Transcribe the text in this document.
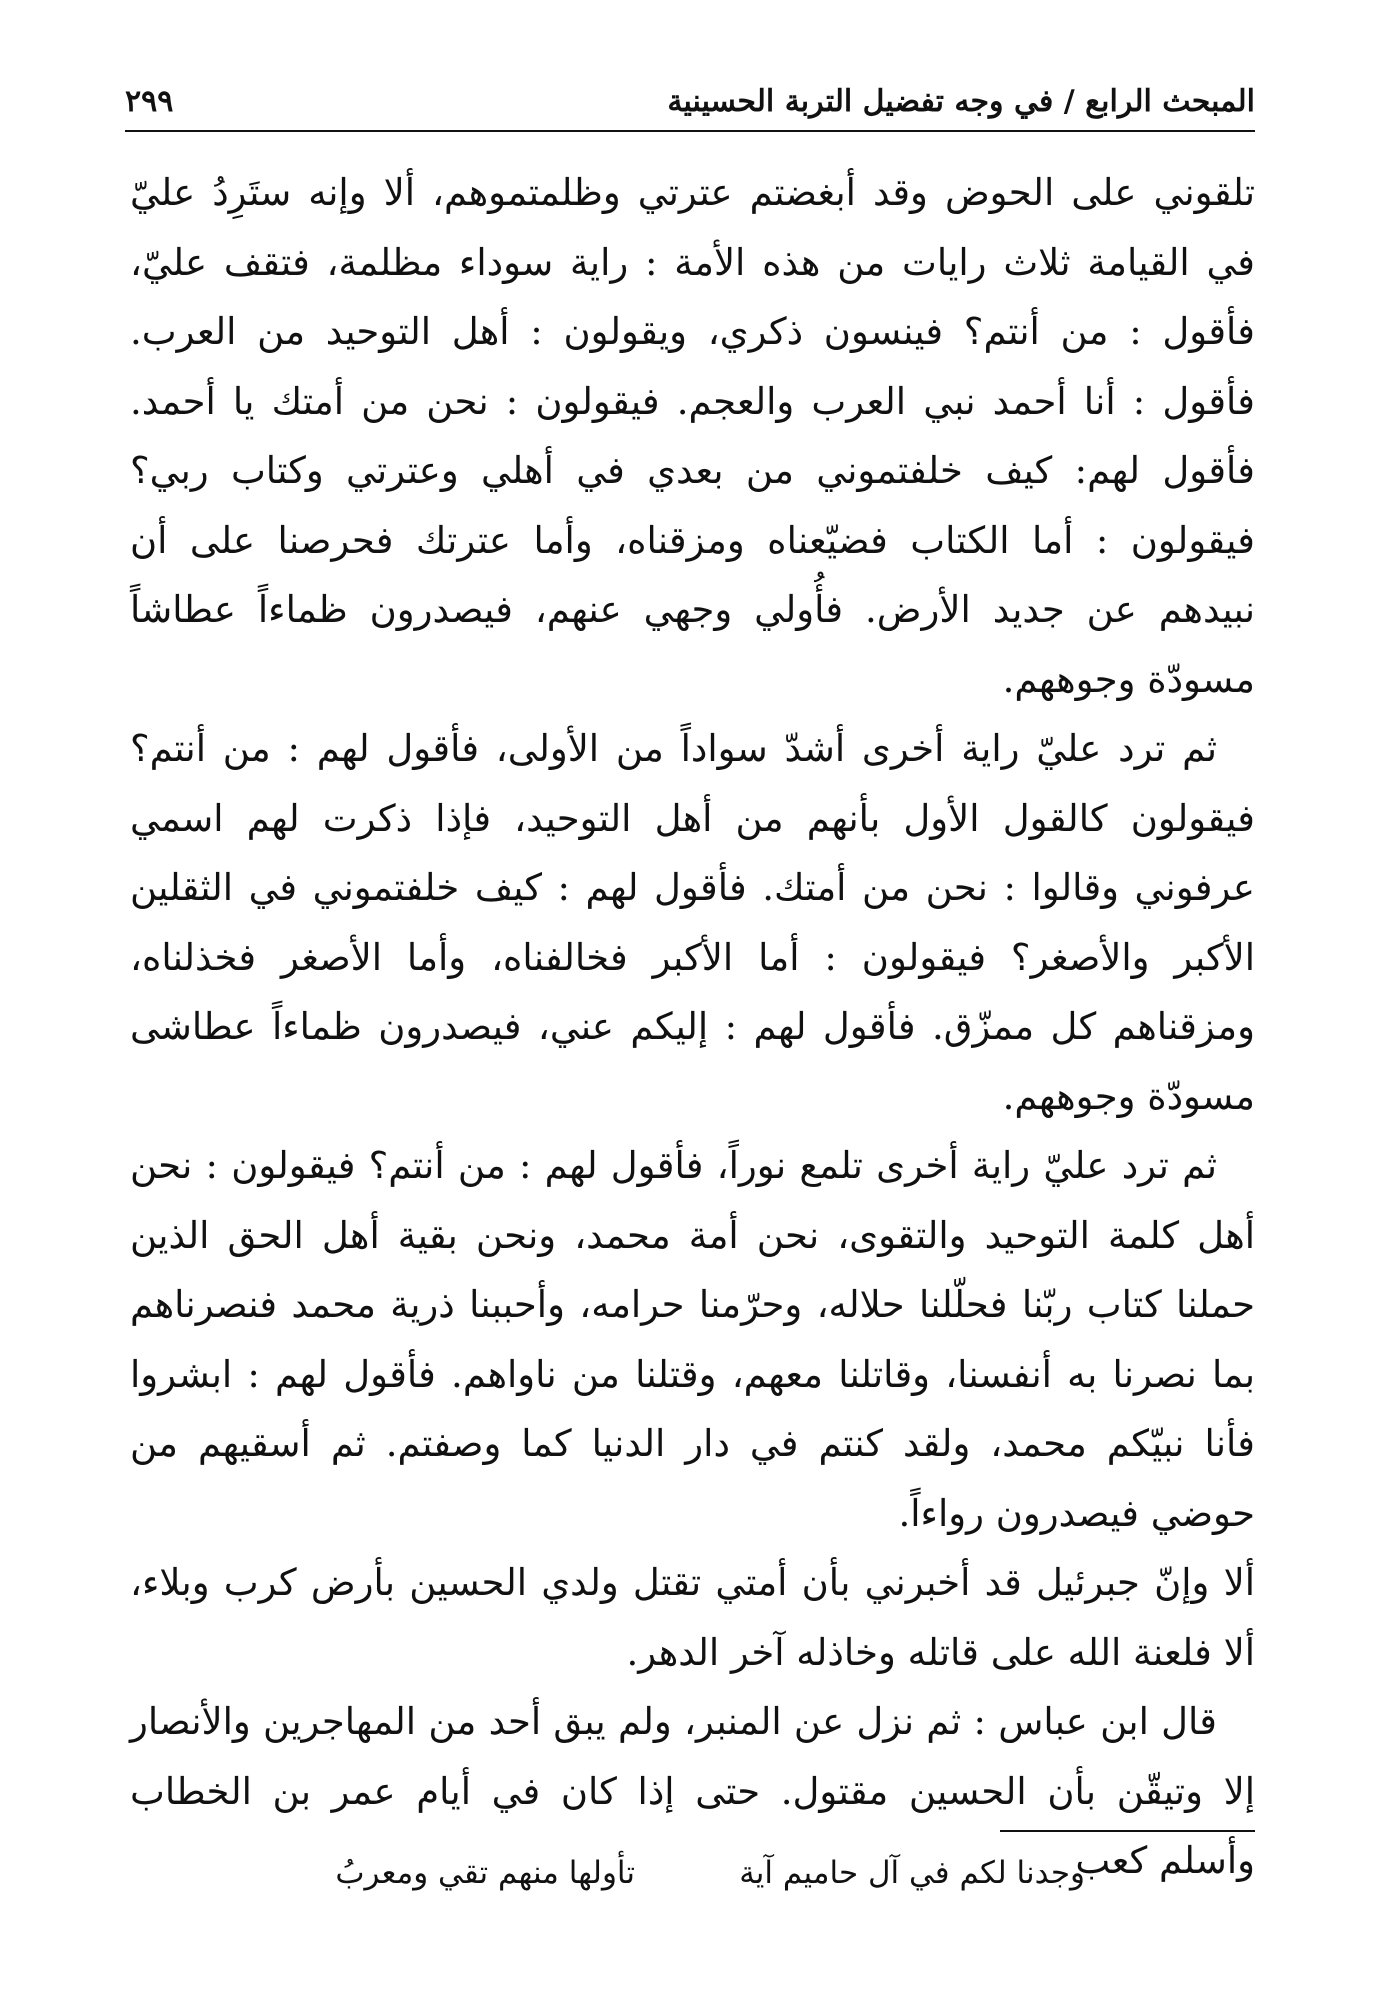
المبحث الرابع / في وجه تفضيل التربة الحسينية
٢٩٩

تلقوني على الحوض وقد أبغضتم عترتي وظلمتموهم، ألا وإنه ستَرِدُ عليّ في القيامة ثلاث رايات من هذه الأمة : راية سوداء مظلمة، فتقف عليّ، فأقول : من أنتم؟ فينسون ذكري، ويقولون : أهل التوحيد من العرب. فأقول : أنا أحمد نبي العرب والعجم. فيقولون : نحن من أمتك يا أحمد. فأقول لهم: كيف خلفتموني من بعدي في أهلي وعترتي وكتاب ربي؟ فيقولون : أما الكتاب فضيّعناه ومزقناه، وأما عترتك فحرصنا على أن نبيدهم عن جديد الأرض. فأُولي وجهي عنهم، فيصدرون ظماءاً عطاشاً مسودّة وجوههم.

ثم ترد عليّ راية أخرى أشدّ سواداً من الأولى، فأقول لهم : من أنتم؟ فيقولون كالقول الأول بأنهم من أهل التوحيد، فإذا ذكرت لهم اسمي عرفوني وقالوا : نحن من أمتك. فأقول لهم : كيف خلفتموني في الثقلين الأكبر والأصغر؟ فيقولون : أما الأكبر فخالفناه، وأما الأصغر فخذلناه، ومزقناهم كل ممزّق. فأقول لهم : إليكم عني، فيصدرون ظماءاً عطاشى مسودّة وجوههم.

ثم ترد عليّ راية أخرى تلمع نوراً، فأقول لهم : من أنتم؟ فيقولون : نحن أهل كلمة التوحيد والتقوى، نحن أمة محمد، ونحن بقية أهل الحق الذين حملنا كتاب ربّنا فحلّلنا حلاله، وحرّمنا حرامه، وأحببنا ذرية محمد فنصرناهم بما نصرنا به أنفسنا، وقاتلنا معهم، وقتلنا من ناواهم. فأقول لهم : ابشروا فأنا نبيّكم محمد، ولقد كنتم في دار الدنيا كما وصفتم. ثم أسقيهم من حوضي فيصدرون رواءاً.

ألا وإنّ جبرئيل قد أخبرني بأن أمتي تقتل ولدي الحسين بأرض كرب وبلاء، ألا فلعنة الله على قاتله وخاذله آخر الدهر.

قال ابن عباس : ثم نزل عن المنبر، ولم يبق أحد من المهاجرين والأنصار إلا وتيقّن بأن الحسين مقتول. حتى إذا كان في أيام عمر بن الخطاب وأسلم كعب

وجدنا لكم في آل حاميم آية
تأولها منهم تقي ومعربُ
